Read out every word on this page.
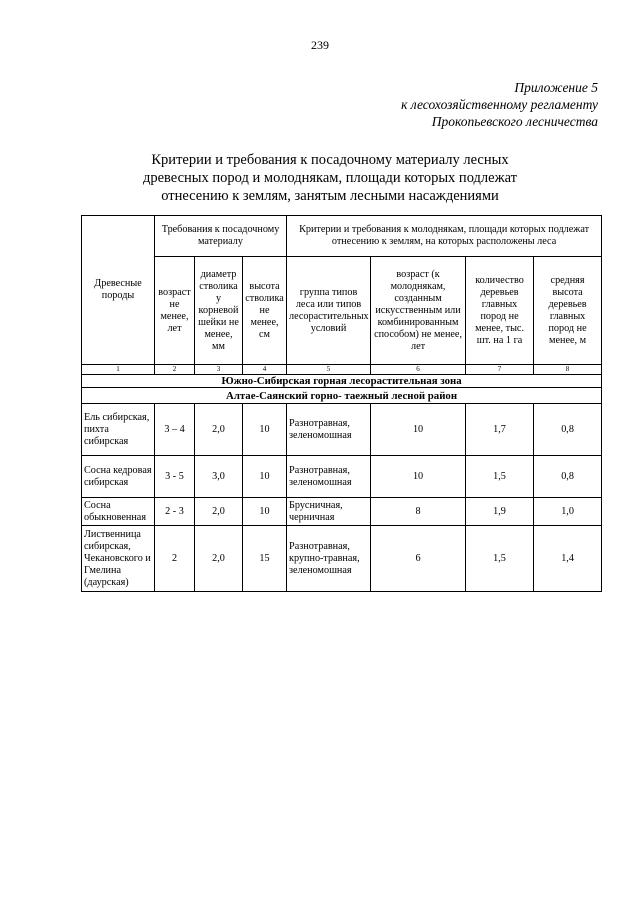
239
Приложение 5
к лесохозяйственному регламенту
Прокопьевского лесничества
Критерии и требования к посадочному материалу лесных
древесных пород и молоднякам, площади которых подлежат
отнесению к землям, занятым лесными насаждениями
Древесные породы	Требования к посадочному материалу			Критерии и требования к молоднякам, площади которых подлежат отнесению к землям, на которых расположены леса			
	возраст не менее, лет	диаметр стволика у корневой шейки не менее, мм	высота стволика не менее, см	группа типов леса или типов лесорастительных условий	возраст (к молоднякам, созданным искусственным или комбинированным способом) не менее, лет	количество деревьев главных пород не менее, тыс. шт. на 1 га	средняя высота деревьев главных пород не менее, м
1	2	3	4	5	6	7	8
Южно-Сибирская горная лесорастительная зона							
Алтае-Саянский горно- таежный лесной район							
Ель сибирская, пихта сибирская	3 – 4	2,0	10	Разнотравная, зеленомошная	10	1,7	0,8
Сосна кедровая сибирская	3 - 5	3,0	10	Разнотравная, зеленомошная	10	1,5	0,8
Сосна обыкновенная	2 - 3	2,0	10	Брусничная, черничная	8	1,9	1,0
Лиственница сибирская, Чекановского и Гмелина (даурская)	2	2,0	15	Разнотравная, крупно-травная, зеленомошная	6	1,5	1,4
